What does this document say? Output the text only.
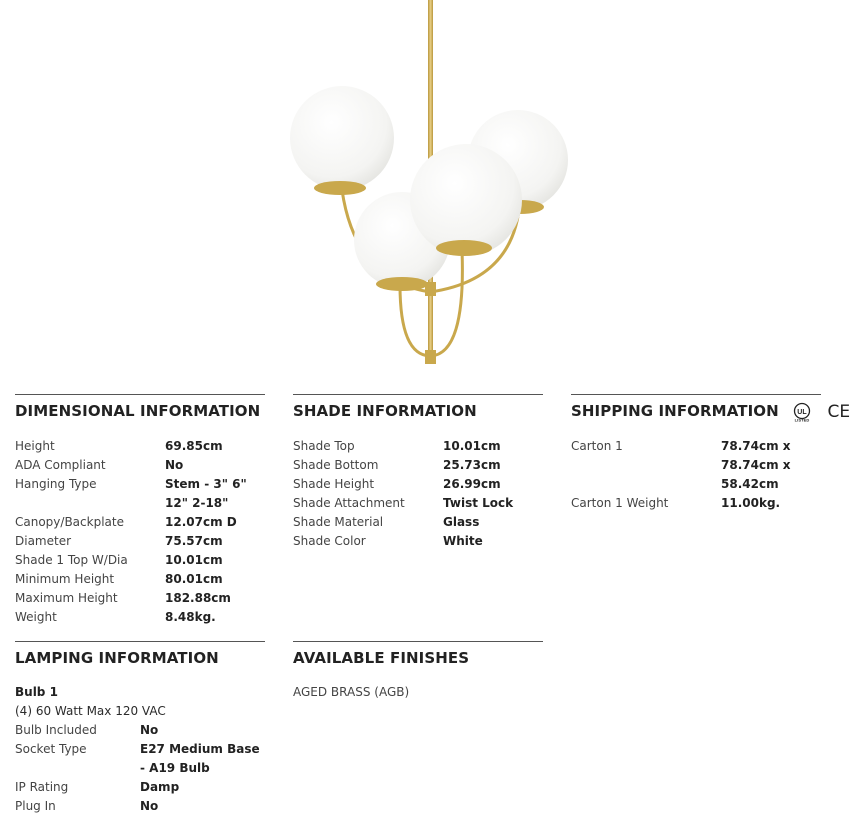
DIMENSIONAL INFORMATION
Height	69.85cm
ADA Compliant	No
Hanging Type	Stem - 3" 6" 12" 2-18"
Canopy/Backplate	12.07cm D
Diameter	75.57cm
Shade 1 Top W/Dia	10.01cm
Minimum Height	80.01cm
Maximum Height	182.88cm
Weight	8.48kg.
SHADE INFORMATION
Shade Top	10.01cm
Shade Bottom	25.73cm
Shade Height	26.99cm
Shade Attachment	Twist Lock
Shade Material	Glass
Shade Color	White
SHIPPING INFORMATION	UL
LISTED CE
Carton 1	78.74cm x 78.74cm x 58.42cm
Carton 1 Weight	11.00kg.
LAMPING INFORMATION
Bulb 1
(4) 60 Watt Max 120 VAC
Bulb Included	No
Socket Type	E27 Medium Base - A19 Bulb
IP Rating	Damp
Plug In	No
AVAILABLE FINISHES
AGED BRASS (AGB)
